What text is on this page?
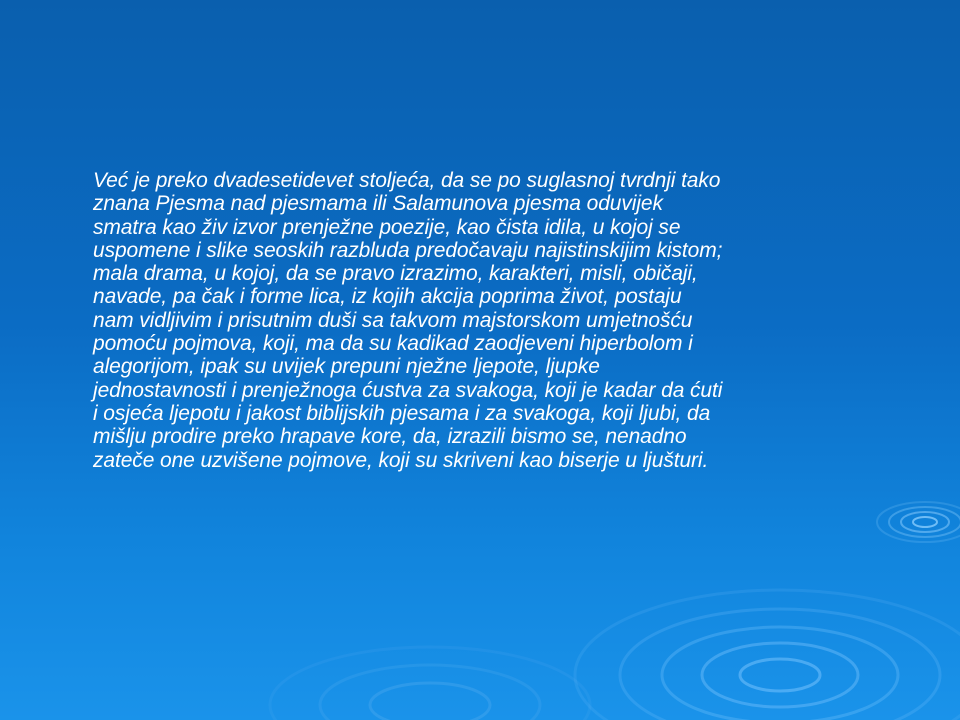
Već je preko dvadesetidevet stoljeća, da se po suglasnoj tvrdnji tako
znana Pjesma nad pjesmama ili Salamunova pjesma oduvijek
smatra kao živ izvor prenježne poezije, kao čista idila, u kojoj se
uspomene i slike seoskih razbluda predočavaju najistinskijim kistom;
mala drama, u kojoj, da se pravo izrazimo, karakteri, misli, običaji,
navade, pa čak i forme lica, iz kojih akcija poprima život, postaju
nam vidljivim i prisutnim duši sa takvom majstorskom umjetnošću
pomoću pojmova, koji, ma da su kadikad zaodjeveni hiperbolom i
alegorijom, ipak su uvijek prepuni nježne ljepote, ljupke
jednostavnosti i prenježnoga ćustva za svakoga, koji je kadar da ćuti
i osjeća ljepotu i jakost biblijskih pjesama i za svakoga, koji ljubi, da
mišlju prodire preko hrapave kore, da, izrazili bismo se, nenadno
zateče one uzvišene pojmove, koji su skriveni kao biserje u ljušturi.
